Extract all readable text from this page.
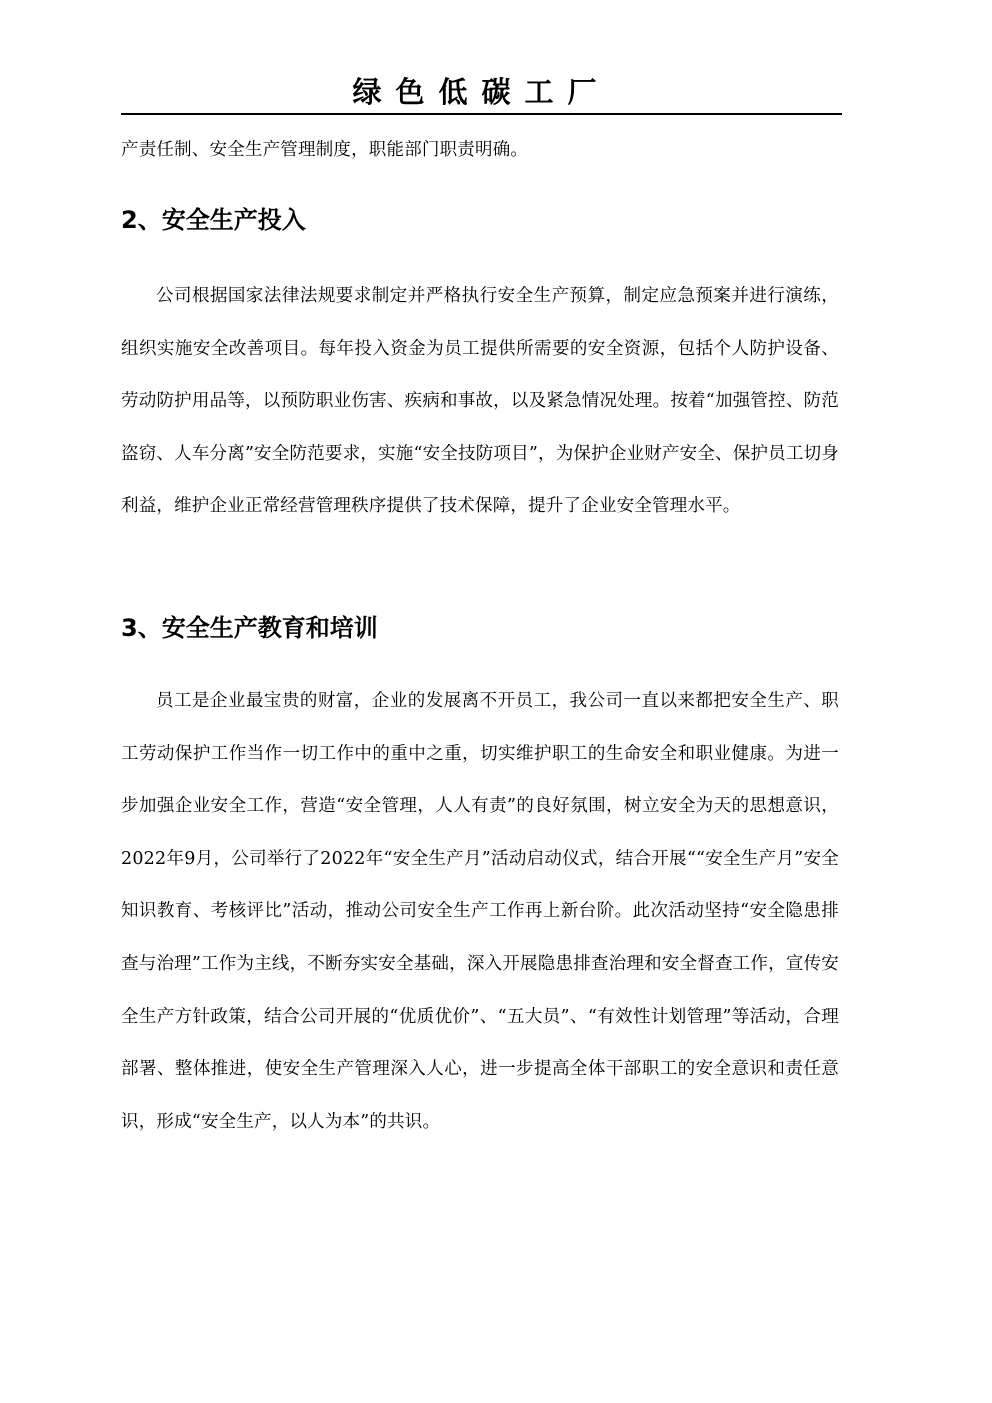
绿色低碳工厂

产责任制、安全生产管理制度，职能部门职责明确。

2、安全生产投入

公司根据国家法律法规要求制定并严格执行安全生产预算，制定应急预案并进行演练，组织实施安全改善项目。每年投入资金为员工提供所需要的安全资源，包括个人防护设备、劳动防护用品等，以预防职业伤害、疾病和事故，以及紧急情况处理。按着“加强管控、防范盗窃、人车分离”安全防范要求，实施“安全技防项目”，为保护企业财产安全、保护员工切身利益，维护企业正常经营管理秩序提供了技术保障，提升了企业安全管理水平。

3、安全生产教育和培训

员工是企业最宝贵的财富，企业的发展离不开员工，我公司一直以来都把安全生产、职工劳动保护工作当作一切工作中的重中之重，切实维护职工的生命安全和职业健康。为进一步加强企业安全工作，营造“安全管理，人人有责”的良好氛围，树立安全为天的思想意识，2022年9月，公司举行了2022年“安全生产月”活动启动仪式，结合开展““安全生产月”安全知识教育、考核评比”活动，推动公司安全生产工作再上新台阶。此次活动坚持“安全隐患排查与治理”工作为主线，不断夯实安全基础，深入开展隐患排查治理和安全督查工作，宣传安全生产方针政策，结合公司开展的“优质优价”、“五大员”、“有效性计划管理”等活动，合理部署、整体推进，使安全生产管理深入人心，进一步提高全体干部职工的安全意识和责任意识，形成“安全生产，以人为本”的共识。
